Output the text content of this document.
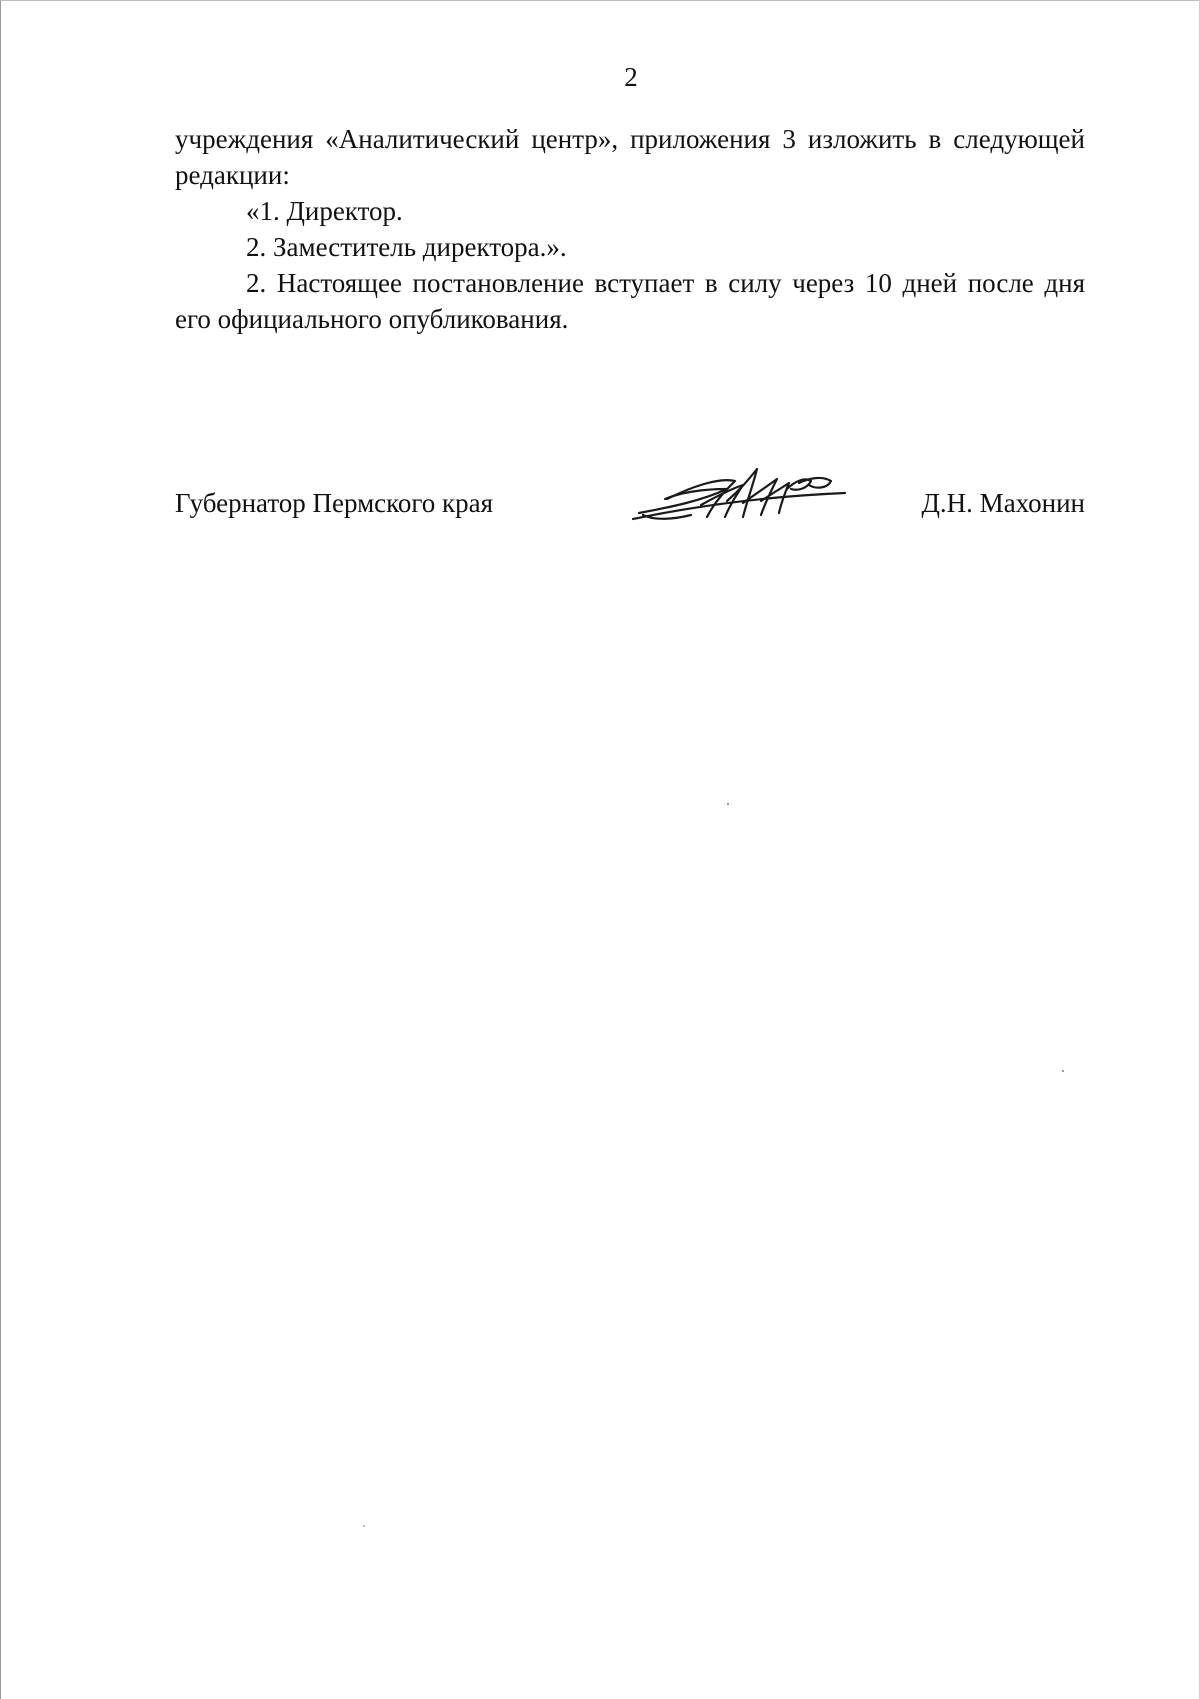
2

учреждения «Аналитический центр», приложения 3 изложить в следующей редакции:

«1. Директор.

2. Заместитель директора.».

2. Настоящее постановление вступает в силу через 10 дней после дня его официального опубликования.

Губернатор Пермского края	Д.Н. Махонин
